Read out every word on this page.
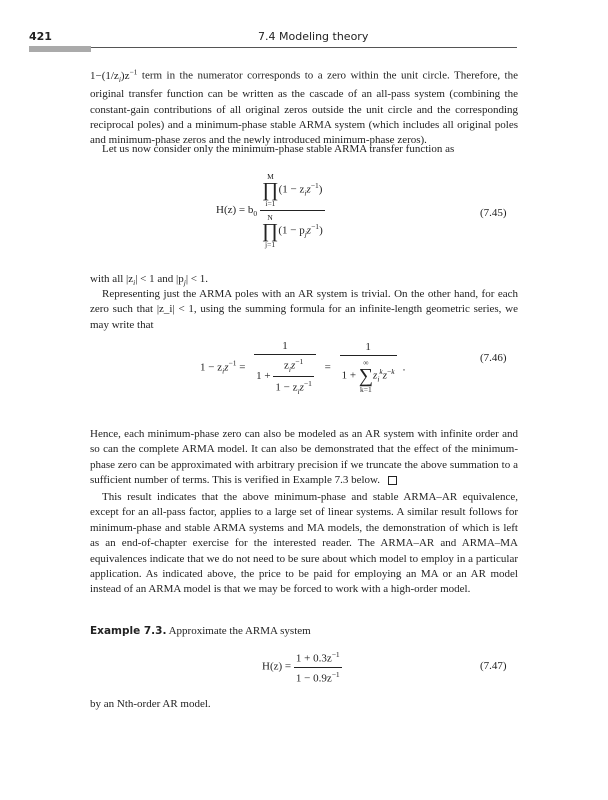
421	7.4 Modeling theory

$1-(1/z_i)z^{-1}$ term in the numerator corresponds to a zero within the unit circle. Therefore, the original transfer function can be written as the cascade of an all-pass system (combining the constant-gain contributions of all original zeros outside the unit circle and the corresponding reciprocal poles) and a minimum-phase stable ARMA system (which includes all original poles and minimum-phase zeros and the newly introduced minimum-phase zeros).

Let us now consider only the minimum-phase stable ARMA transfer function as

$H(z) = b_0$ M
∏
i=1
$(1 - z_iz^{-1})$
N
∏
j=1
$(1 - p_jz^{-1})$	(7.45)

with all $|z_i| < 1$ and $|p_j| < 1$.

Representing just the ARMA poles with an AR system is trivial. On the other hand, for each zero such that |z_i| < 1, using the summing formula for an infinite-length geometric series, we may write that

$1 - z_iz^{-1} = \frac{1}{1 + \frac{z_iz^{-1}}{1 - z_iz^{-1}}}$ =
1
1 +
∞
∑
k=1
$z_i^kz^{-k}$ .
(7.46)

Hence, each minimum-phase zero can also be modeled as an AR system with infinite order and so can the complete ARMA model. It can also be demonstrated that the effect of the minimum-phase zero can be approximated with arbitrary precision if we truncate the above summation to a sufficient number of terms. This is verified in Example 7.3 below.

This result indicates that the above minimum-phase and stable ARMA–AR equivalence, except for an all-pass factor, applies to a large set of linear systems. A similar result follows for minimum-phase and stable ARMA systems and MA models, the demonstration of which is left as an end-of-chapter exercise for the interested reader. The ARMA–AR and ARMA–MA equivalences indicate that we do not need to be sure about which model to employ in a particular application. As indicated above, the price to be paid for employing an MA or an AR model instead of an ARMA model is that we may be forced to work with a high-order model.

Example 7.3. Approximate the ARMA system

$H(z) = \frac{1 + 0.3z^{-1}}{1 - 0.9z^{-1}}$	(7.47)

by an Nth-order AR model.
